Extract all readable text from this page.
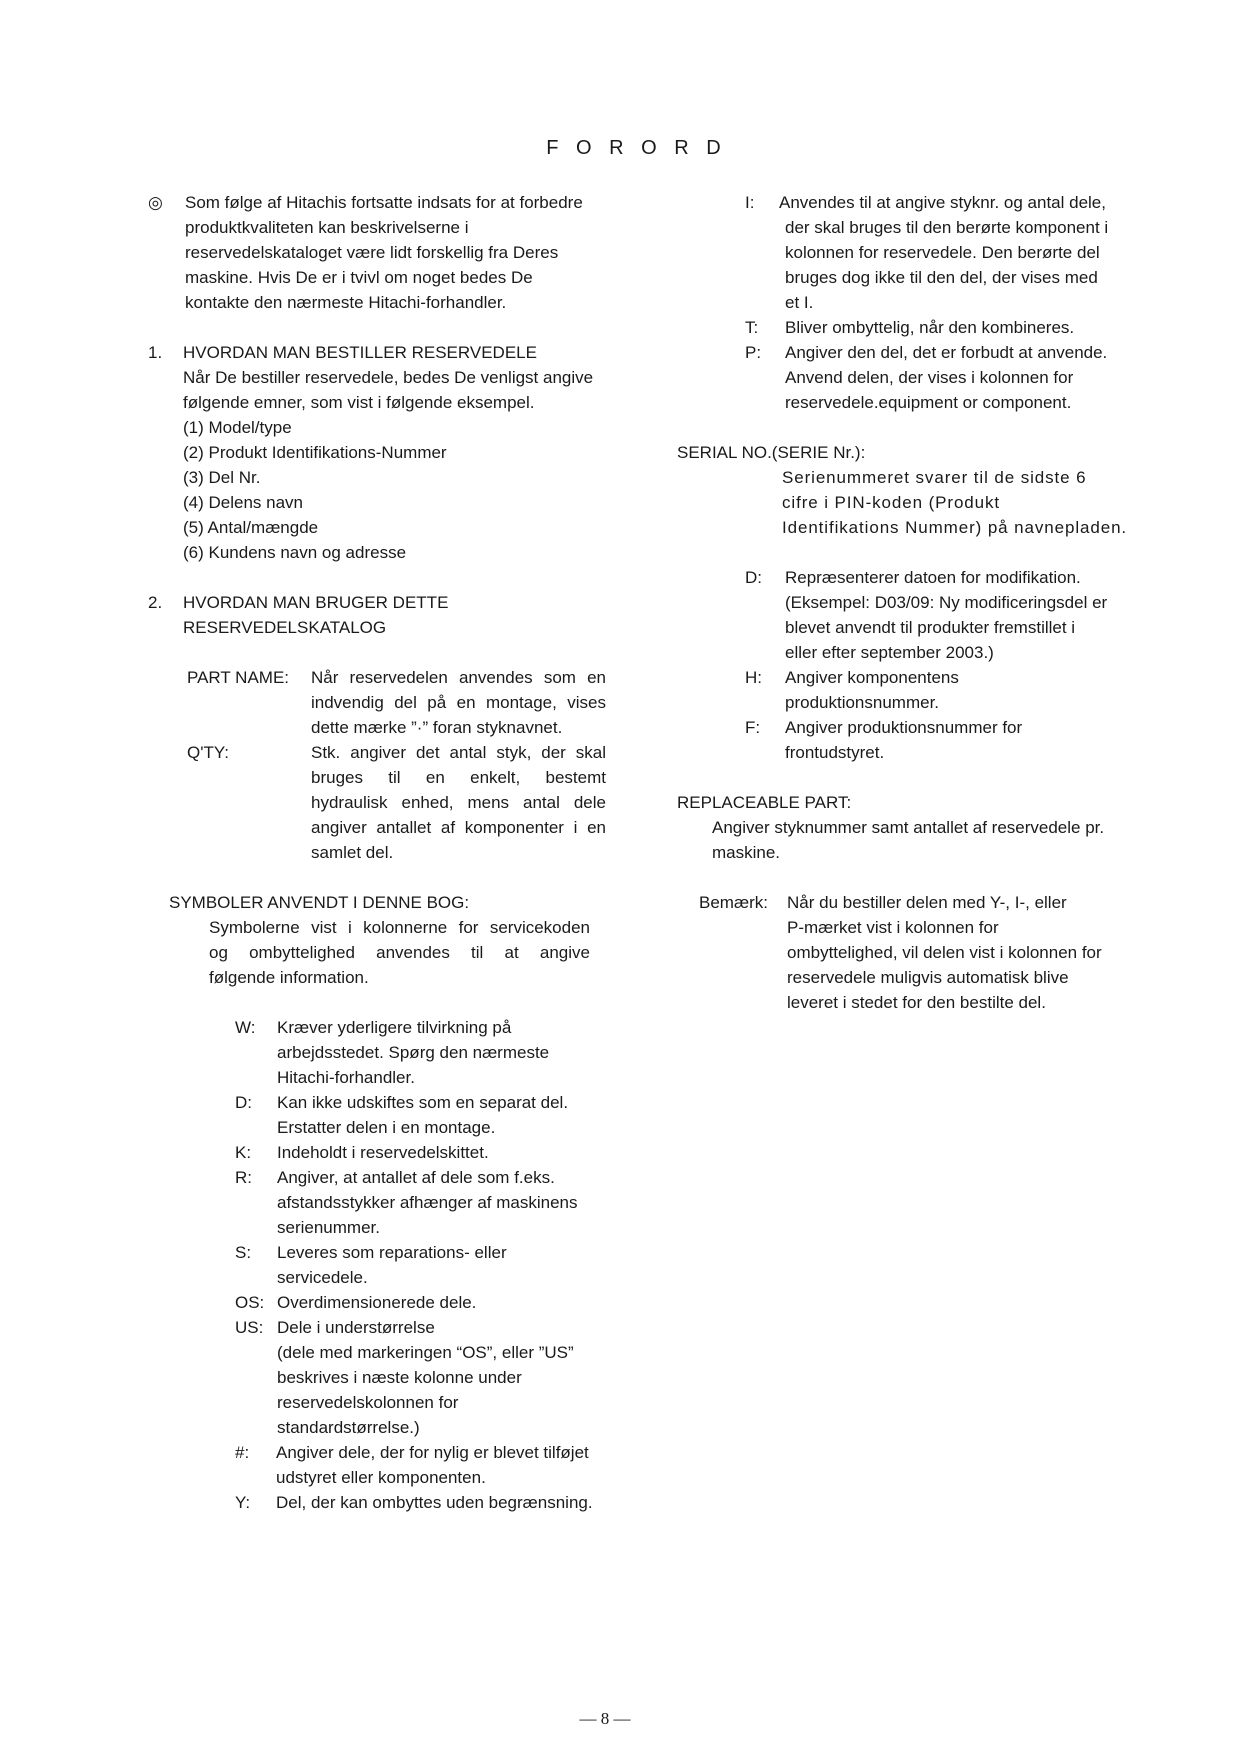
F O R O R D
◎ Som følge af Hitachis fortsatte indsats for at forbedre
produktkvaliteten kan beskrivelserne i
reservedelskataloget være lidt forskellig fra Deres
maskine. Hvis De er i tvivl om noget bedes De
kontakte den nærmeste Hitachi-forhandler.
1. HVORDAN MAN BESTILLER RESERVEDELE
Når De bestiller reservedele, bedes De venligst angive
følgende emner, som vist i følgende eksempel.
(1) Model/type
(2) Produkt Identifikations-Nummer
(3) Del Nr.
(4) Delens navn
(5) Antal/mængde
(6) Kundens navn og adresse
2. HVORDAN MAN BRUGER DETTE
RESERVEDELSKATALOG
PART NAME: Når reservedelen anvendes som en
indvendig del på en montage, vises
dette mærke ”·” foran styknavnet.
Q'TY:	Stk. angiver det antal styk, der skal
bruges til en enkelt, bestemt
hydraulisk enhed, mens antal dele
angiver antallet af komponenter i en
samlet del.
SYMBOLER ANVENDT I DENNE BOG:
Symbolerne vist i kolonnerne for servicekoden
og ombyttelighed anvendes til at angive
følgende information.
W: Kræver yderligere tilvirkning på
arbejdsstedet. Spørg den nærmeste
Hitachi-forhandler.
D: Kan ikke udskiftes som en separat del.
Erstatter delen i en montage.
K: Indeholdt i reservedelskittet.
R: Angiver, at antallet af dele som f.eks.
afstandsstykker afhænger af maskinens
serienummer.
S: Leveres som reparations- eller
servicedele.
OS: Overdimensionerede dele.
US: Dele i understørrelse
(dele med markeringen “OS”, eller ”US”
beskrives i næste kolonne under
reservedelskolonnen for
standardstørrelse.)
#: Angiver dele, der for nylig er blevet tilføjet
udstyret eller komponenten.
Y: Del, der kan ombyttes uden begrænsning.
I: Anvendes til at angive styknr. og antal dele,
der skal bruges til den berørte komponent i
kolonnen for reservedele. Den berørte del
bruges dog ikke til den del, der vises med
et I.
T: Bliver ombyttelig, når den kombineres.
P: Angiver den del, det er forbudt at anvende.
Anvend delen, der vises i kolonnen for
reservedele.equipment or component.
SERIAL NO.(SERIE Nr.):
Serienummeret svarer til de sidste 6
cifre i PIN-koden (Produkt
Identifikations Nummer) på navnepladen.
D: Repræsenterer datoen for modifikation.
(Eksempel: D03/09: Ny modificeringsdel er
blevet anvendt til produkter fremstillet i
eller efter september 2003.)
H: Angiver komponentens
produktionsnummer.
F: Angiver produktionsnummer for
frontudstyret.
REPLACEABLE PART:
Angiver styknummer samt antallet af reservedele pr.
maskine.
Bemærk: Når du bestiller delen med Y-, I-, eller
P-mærket vist i kolonnen for
ombyttelighed, vil delen vist i kolonnen for
reservedele muligvis automatisk blive
leveret i stedet for den bestilte del.
— 8 —
